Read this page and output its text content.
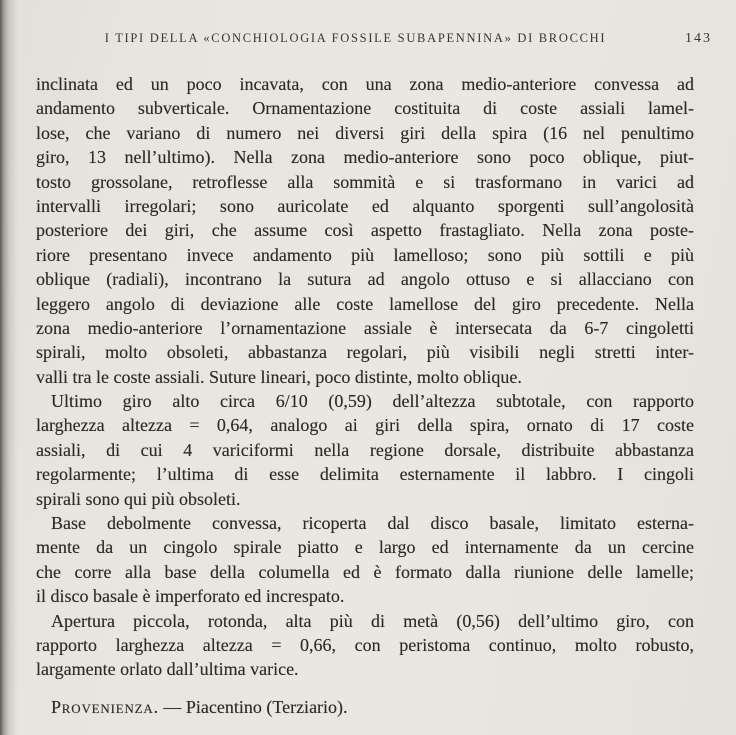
I TIPI DELLA «CONCHIOLOGIA FOSSILE SUBAPENNINA» DI BROCCHI	143

inclinata ed un poco incavata, con una zona medio-anteriore convessa ad
andamento subverticale. Ornamentazione costituita di coste assiali lamel-
lose, che variano di numero nei diversi giri della spira (16 nel penultimo
giro, 13 nell’ultimo). Nella zona medio-anteriore sono poco oblique, piut-
tosto grossolane, retroflesse alla sommità e si trasformano in varici ad
intervalli irregolari; sono auricolate ed alquanto sporgenti sull’angolosità
posteriore dei giri, che assume così aspetto frastagliato. Nella zona poste-
riore presentano invece andamento più lamelloso; sono più sottili e più
oblique (radiali), incontrano la sutura ad angolo ottuso e si allacciano con
leggero angolo di deviazione alle coste lamellose del giro precedente. Nella
zona medio-anteriore l’ornamentazione assiale è intersecata da 6-7 cingoletti
spirali, molto obsoleti, abbastanza regolari, più visibili negli stretti inter-
valli tra le coste assiali. Suture lineari, poco distinte, molto oblique.

Ultimo giro alto circa 6/10 (0,59) dell’altezza subtotale, con rapporto
larghezza altezza = 0,64, analogo ai giri della spira, ornato di 17 coste
assiali, di cui 4 variciformi nella regione dorsale, distribuite abbastanza
regolarmente; l’ultima di esse delimita esternamente il labbro. I cingoli
spirali sono qui più obsoleti.

Base debolmente convessa, ricoperta dal disco basale, limitato esterna-
mente da un cingolo spirale piatto e largo ed internamente da un cercine
che corre alla base della columella ed è formato dalla riunione delle lamelle;
il disco basale è imperforato ed increspato.

Apertura piccola, rotonda, alta più di metà (0,56) dell’ultimo giro, con
rapporto larghezza altezza = 0,66, con peristoma continuo, molto robusto,
largamente orlato dall’ultima varice.

Provenienza. — Piacentino (Terziario).
